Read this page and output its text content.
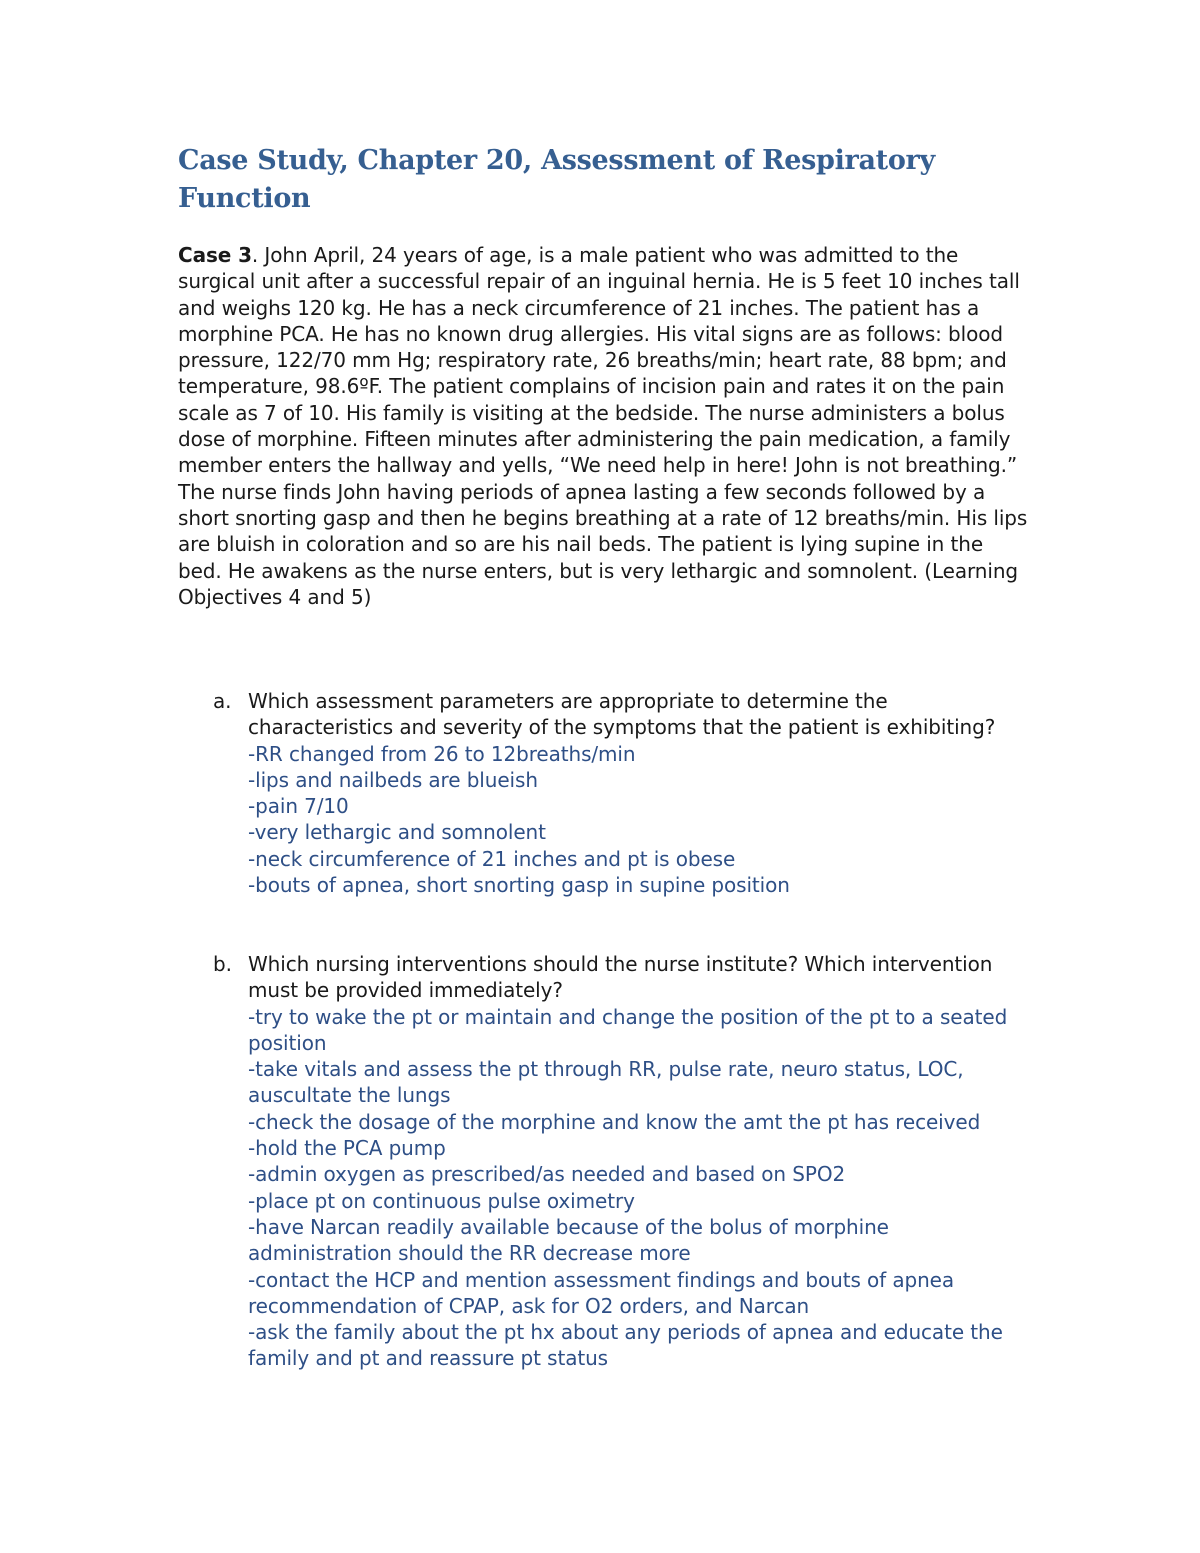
Case Study, Chapter 20, Assessment of Respiratory Function

Case 3. John April, 24 years of age, is a male patient who was admitted to the surgical unit after a successful repair of an inguinal hernia. He is 5 feet 10 inches tall and weighs 120 kg. He has a neck circumference of 21 inches. The patient has a morphine PCA. He has no known drug allergies. His vital signs are as follows: blood pressure, 122/70 mm Hg; respiratory rate, 26 breaths/min; heart rate, 88 bpm; and temperature, 98.6ºF. The patient complains of incision pain and rates it on the pain scale as 7 of 10. His family is visiting at the bedside. The nurse administers a bolus dose of morphine. Fifteen minutes after administering the pain medication, a family member enters the hallway and yells, “We need help in here! John is not breathing.” The nurse finds John having periods of apnea lasting a few seconds followed by a short snorting gasp and then he begins breathing at a rate of 12 breaths/min. His lips are bluish in coloration and so are his nail beds. The patient is lying supine in the bed. He awakens as the nurse enters, but is very lethargic and somnolent. (Learning Objectives 4 and 5)

a. Which assessment parameters are appropriate to determine the characteristics and severity of the symptoms that the patient is exhibiting?

-RR changed from 26 to 12breaths/min
-lips and nailbeds are blueish
-pain 7/10
-very lethargic and somnolent
-neck circumference of 21 inches and pt is obese
-bouts of apnea, short snorting gasp in supine position
b. Which nursing interventions should the nurse institute? Which intervention must be provided immediately?

-try to wake the pt or maintain and change the position of the pt to a seated position
-take vitals and assess the pt through RR, pulse rate, neuro status, LOC, auscultate the lungs
-check the dosage of the morphine and know the amt the pt has received
-hold the PCA pump
-admin oxygen as prescribed/as needed and based on SPO2
-place pt on continuous pulse oximetry
-have Narcan readily available because of the bolus of morphine administration should the RR decrease more
-contact the HCP and mention assessment findings and bouts of apnea recommendation of CPAP, ask for O2 orders, and Narcan
-ask the family about the pt hx about any periods of apnea and educate the family and pt and reassure pt status
